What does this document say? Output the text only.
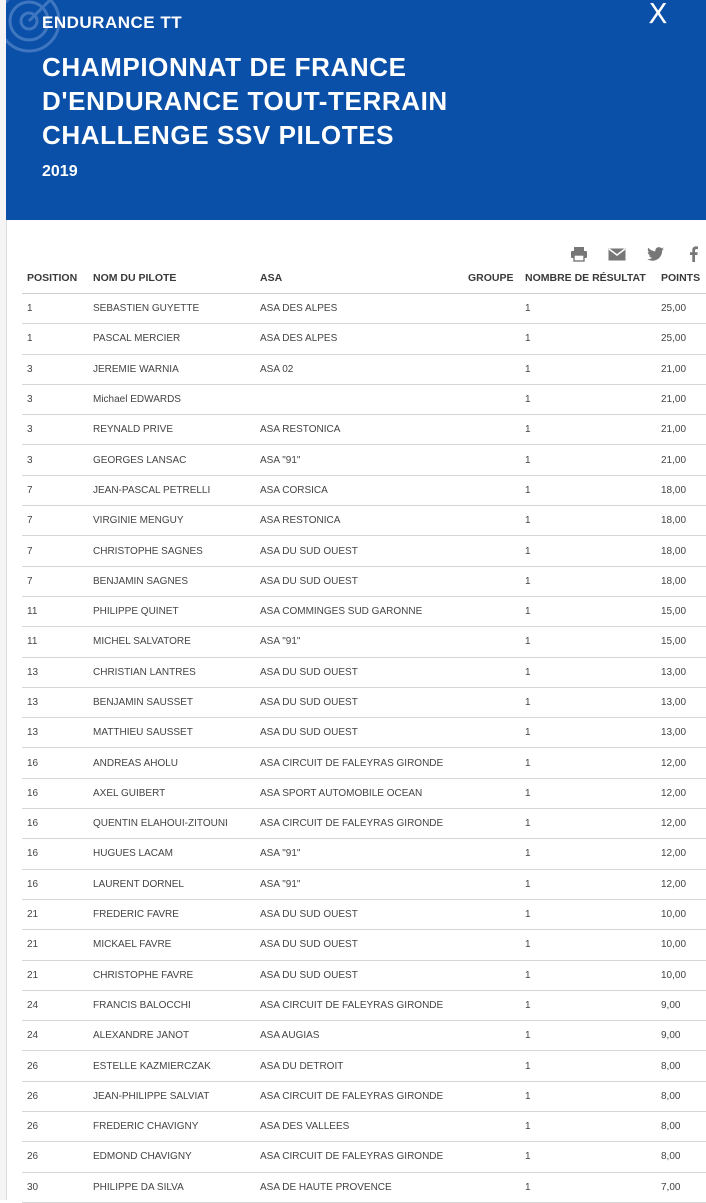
ENDURANCE TT
CHAMPIONNAT DE FRANCE
D'ENDURANCE TOUT-TERRAIN
CHALLENGE SSV PILOTES
2019
X
POSITION	NOM DU PILOTE	ASA	GROUPE	NOMBRE DE RÉSULTAT	POINTS
1	SEBASTIEN GUYETTE	ASA DES ALPES		1	25,00
1	PASCAL MERCIER	ASA DES ALPES		1	25,00
3	JEREMIE WARNIA	ASA 02		1	21,00
3	Michael EDWARDS			1	21,00
3	REYNALD PRIVE	ASA RESTONICA		1	21,00
3	GEORGES LANSAC	ASA "91"		1	21,00
7	JEAN-PASCAL PETRELLI	ASA CORSICA		1	18,00
7	VIRGINIE MENGUY	ASA RESTONICA		1	18,00
7	CHRISTOPHE SAGNES	ASA DU SUD OUEST		1	18,00
7	BENJAMIN SAGNES	ASA DU SUD OUEST		1	18,00
11	PHILIPPE QUINET	ASA COMMINGES SUD GARONNE		1	15,00
11	MICHEL SALVATORE	ASA "91"		1	15,00
13	CHRISTIAN LANTRES	ASA DU SUD OUEST		1	13,00
13	BENJAMIN SAUSSET	ASA DU SUD OUEST		1	13,00
13	MATTHIEU SAUSSET	ASA DU SUD OUEST		1	13,00
16	ANDREAS AHOLU	ASA CIRCUIT DE FALEYRAS GIRONDE		1	12,00
16	AXEL GUIBERT	ASA SPORT AUTOMOBILE OCEAN		1	12,00
16	QUENTIN ELAHOUI-ZITOUNI	ASA CIRCUIT DE FALEYRAS GIRONDE		1	12,00
16	HUGUES LACAM	ASA "91"		1	12,00
16	LAURENT DORNEL	ASA "91"		1	12,00
21	FREDERIC FAVRE	ASA DU SUD OUEST		1	10,00
21	MICKAEL FAVRE	ASA DU SUD OUEST		1	10,00
21	CHRISTOPHE FAVRE	ASA DU SUD OUEST		1	10,00
24	FRANCIS BALOCCHI	ASA CIRCUIT DE FALEYRAS GIRONDE		1	9,00
24	ALEXANDRE JANOT	ASA AUGIAS		1	9,00
26	ESTELLE KAZMIERCZAK	ASA DU DETROIT		1	8,00
26	JEAN-PHILIPPE SALVIAT	ASA CIRCUIT DE FALEYRAS GIRONDE		1	8,00
26	FREDERIC CHAVIGNY	ASA DES VALLEES		1	8,00
26	EDMOND CHAVIGNY	ASA CIRCUIT DE FALEYRAS GIRONDE		1	8,00
30	PHILIPPE DA SILVA	ASA DE HAUTE PROVENCE		1	7,00
